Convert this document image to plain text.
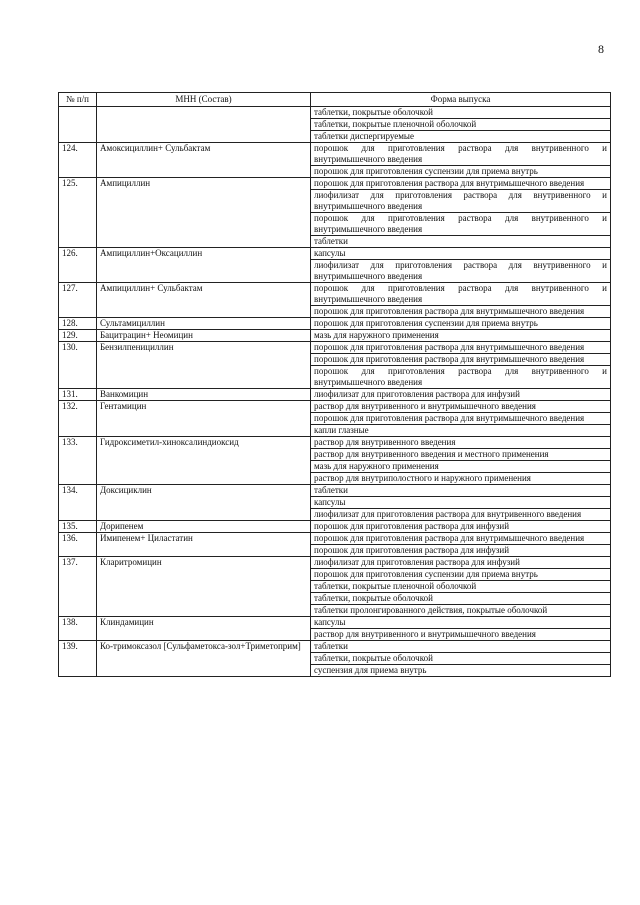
8
№ п/п	МНН (Состав)	Форма выпуска
		таблетки, покрытые оболочкой
		таблетки, покрытые пленочной оболочкой
		таблетки диспергируемые
124.	Амоксициллин+ Сульбактам	порошок для приготовления раствора для внутривенного и внутримышечного введения
		порошок для приготовления суспензии для приема внутрь
125.	Ампициллин	порошок для приготовления раствора для внутримышечного введения
		лиофилизат для приготовления раствора для внутривенного и внутримышечного введения
		порошок для приготовления раствора для внутривенного и внутримышечного введения
		таблетки
126.	Ампициллин+Оксациллин	капсулы
		лиофилизат для приготовления раствора для внутривенного и внутримышечного введения
127.	Ампициллин+ Сульбактам	порошок для приготовления раствора для внутривенного и внутримышечного введения
		порошок для приготовления раствора для внутримышечного введения
128.	Сультамициллин	порошок для приготовления суспензии для приема внутрь
129.	Бацитрацин+ Неомицин	мазь для наружного применения
130.	Бензилпенициллин	порошок для приготовления раствора для внутримышечного введения
		порошок для приготовления раствора для внутримышечного введения
		порошок для приготовления раствора для внутривенного и внутримышечного введения
131.	Ванкомицин	лиофилизат для приготовления раствора для инфузий
132.	Гентамицин	раствор для внутривенного и внутримышечного введения
		порошок для приготовления раствора для внутримышечного введения
		капли глазные
133.	Гидроксиметил-хиноксалиндиоксид	раствор для внутривенного введения
		раствор для внутривенного введения и местного применения
		мазь для наружного применения
		раствор для внутриполостного и наружного применения
134.	Доксициклин	таблетки
		капсулы
		лиофилизат для приготовления раствора для внутривенного введения
135.	Дорипенем	порошок для приготовления раствора для инфузий
136.	Имипенем+ Циластатин	порошок для приготовления раствора для внутримышечного введения
		порошок для приготовления раствора для инфузий
137.	Кларитромицин	лиофилизат для приготовления раствора для инфузий
		порошок для приготовления суспензии для приема внутрь
		таблетки, покрытые пленочной оболочкой
		таблетки, покрытые оболочкой
		таблетки пролонгированного действия, покрытые оболочкой
138.	Клиндамицин	капсулы
		раствор для внутривенного и внутримышечного введения
139.	Ко-тримоксазол [Сульфаметокса-зол+Триметоприм]	таблетки
		таблетки, покрытые оболочкой
		суспензия для приема внутрь
